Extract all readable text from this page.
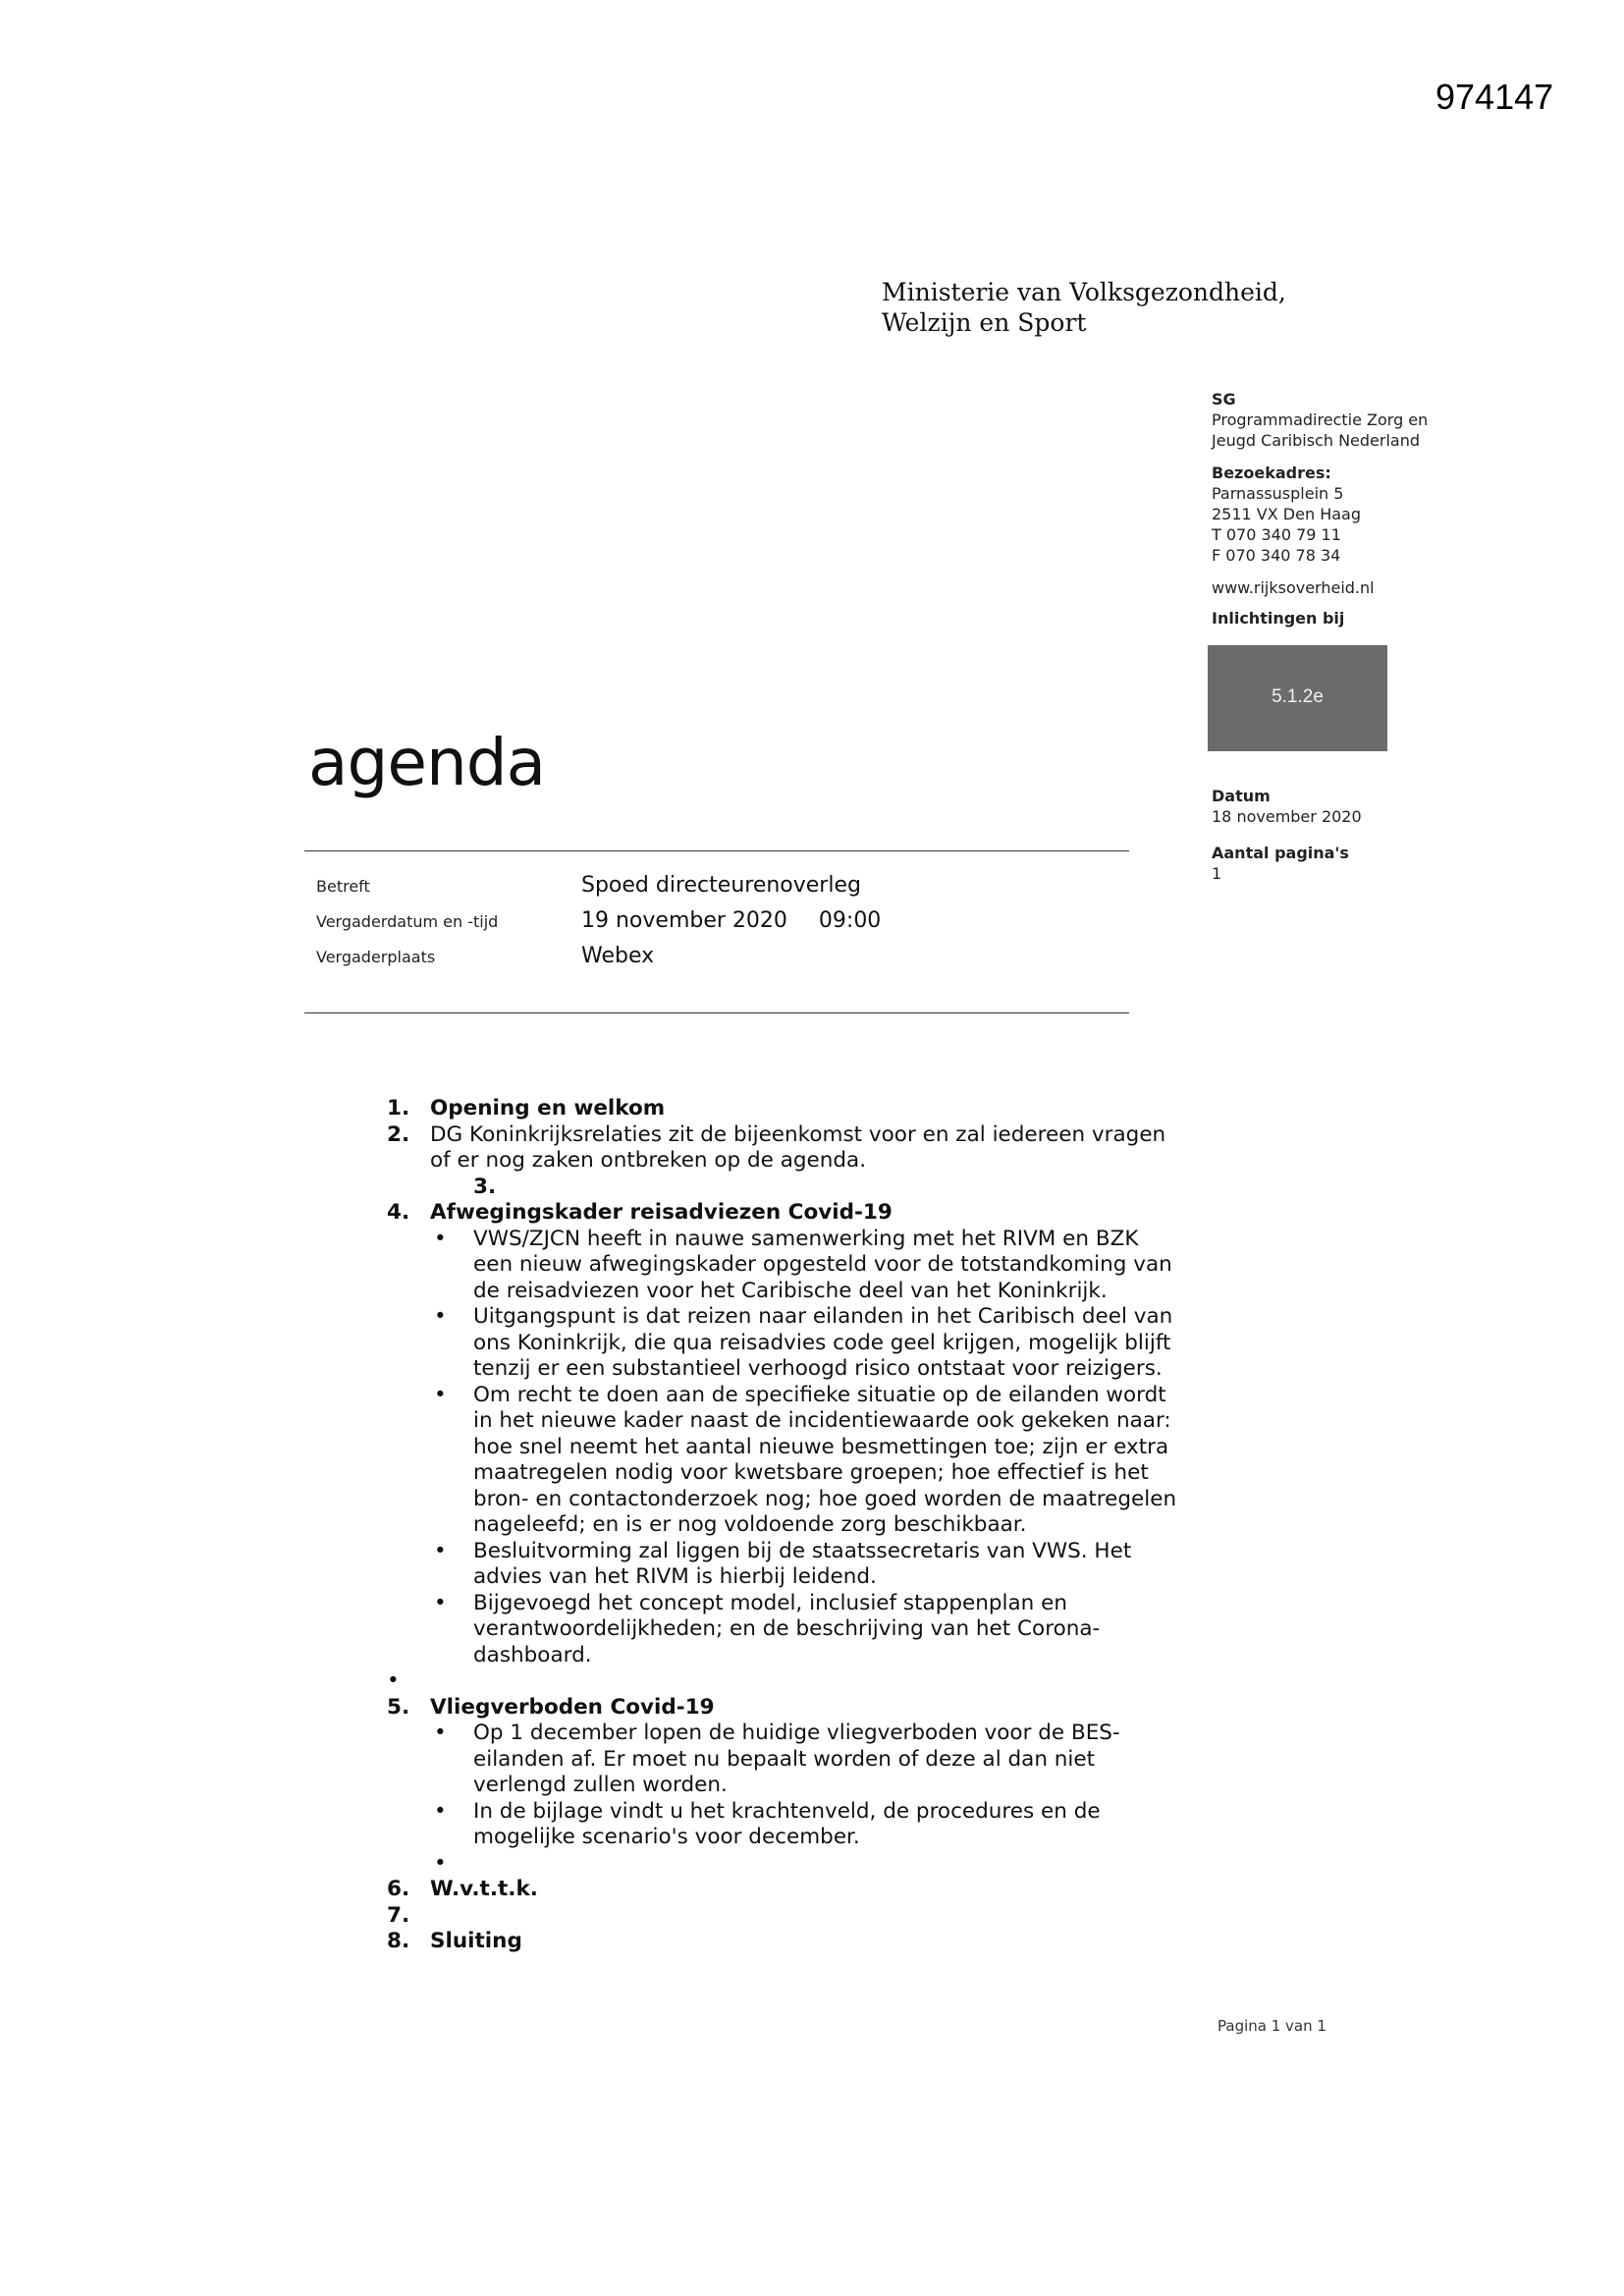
974147
Ministerie van Volksgezondheid,
Welzijn en Sport
SG
Programmadirectie Zorg en
Jeugd Caribisch Nederland
Bezoekadres:
Parnassusplein 5
2511 VX Den Haag
T 070 340 79 11
F 070 340 78 34
www.rijksoverheid.nl
Inlichtingen bij
5.1.2e
Datum
18 november 2020
Aantal pagina's
1
agenda
Betreft	Spoed directeurenoverleg
Vergaderdatum en -tijd	19 november 2020 09:00
Vergaderplaats	Webex
1. Opening en welkom
2. DG Koninkrijksrelaties zit de bijeenkomst voor en zal iedereen vragen
of er nog zaken ontbreken op de agenda.
3.
4. Afwegingskader reisadviezen Covid-19
• VWS/ZJCN heeft in nauwe samenwerking met het RIVM en BZK
een nieuw afwegingskader opgesteld voor de totstandkoming van
de reisadviezen voor het Caribische deel van het Koninkrijk.
• Uitgangspunt is dat reizen naar eilanden in het Caribisch deel van
ons Koninkrijk, die qua reisadvies code geel krijgen, mogelijk blijft
tenzij er een substantieel verhoogd risico ontstaat voor reizigers.
• Om recht te doen aan de specifieke situatie op de eilanden wordt
in het nieuwe kader naast de incidentiewaarde ook gekeken naar:
hoe snel neemt het aantal nieuwe besmettingen toe; zijn er extra
maatregelen nodig voor kwetsbare groepen; hoe effectief is het
bron- en contactonderzoek nog; hoe goed worden de maatregelen
nageleefd; en is er nog voldoende zorg beschikbaar.
• Besluitvorming zal liggen bij de staatssecretaris van VWS. Het
advies van het RIVM is hierbij leidend.
• Bijgevoegd het concept model, inclusief stappenplan en
verantwoordelijkheden; en de beschrijving van het Corona-
dashboard.
•
5. Vliegverboden Covid-19
• Op 1 december lopen de huidige vliegverboden voor de BES-
eilanden af. Er moet nu bepaalt worden of deze al dan niet
verlengd zullen worden.
• In de bijlage vindt u het krachtenveld, de procedures en de
mogelijke scenario's voor december.
•
6. W.v.t.t.k.
7.
8. Sluiting
Pagina 1 van 1
